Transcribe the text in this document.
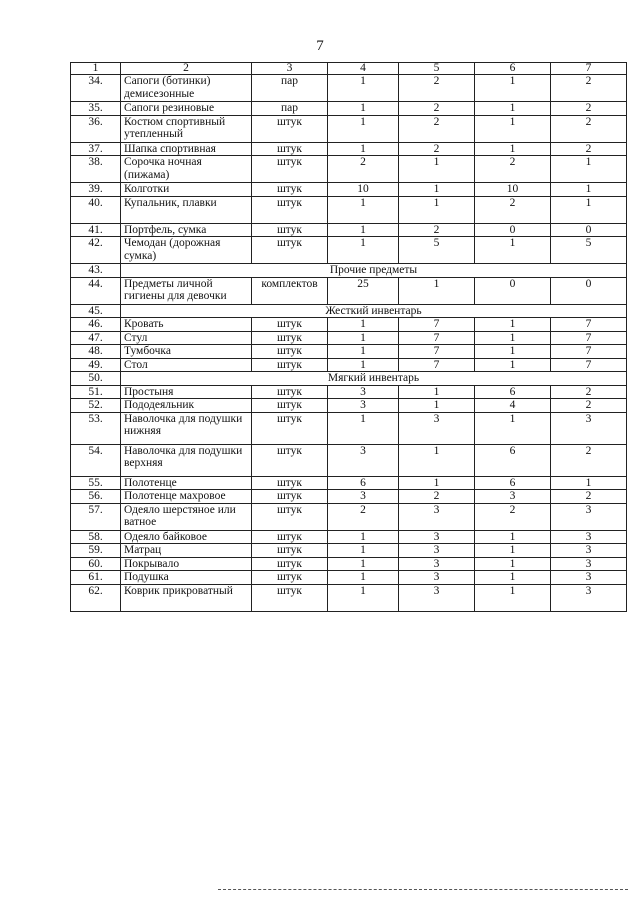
7
1	2	3	4	5	6	7
34.	Сапоги (ботинки) демисезонные	пар	1	2	1	2
35.	Сапоги резиновые	пар	1	2	1	2
36.	Костюм спортивный утепленный	штук	1	2	1	2
37.	Шапка спортивная	штук	1	2	1	2
38.	Сорочка ночная (пижама)	штук	2	1	2	1
39.	Колготки	штук	10	1	10	1
40.	Купальник, плавки	штук	1	1	2	1
41.	Портфель, сумка	штук	1	2	0	0
42.	Чемодан (дорожная сумка)	штук	1	5	1	5
43.	Прочие предметы					
44.	Предметы личной гигиены для девочки	комплектов	25	1	0	0
45.	Жесткий инвентарь					
46.	Кровать	штук	1	7	1	7
47.	Стул	штук	1	7	1	7
48.	Тумбочка	штук	1	7	1	7
49.	Стол	штук	1	7	1	7
50.	Мягкий инвентарь					
51.	Простыня	штук	3	1	6	2
52.	Пододеяльник	штук	3	1	4	2
53.	Наволочка для подушки нижняя	штук	1	3	1	3
54.	Наволочка для подушки верхняя	штук	3	1	6	2
55.	Полотенце	штук	6	1	6	1
56.	Полотенце махровое	штук	3	2	3	2
57.	Одеяло шерстяное или ватное	штук	2	3	2	3
58.	Одеяло байковое	штук	1	3	1	3
59.	Матрац	штук	1	3	1	3
60.	Покрывало	штук	1	3	1	3
61.	Подушка	штук	1	3	1	3
62.	Коврик прикроватный	штук	1	3	1	3
